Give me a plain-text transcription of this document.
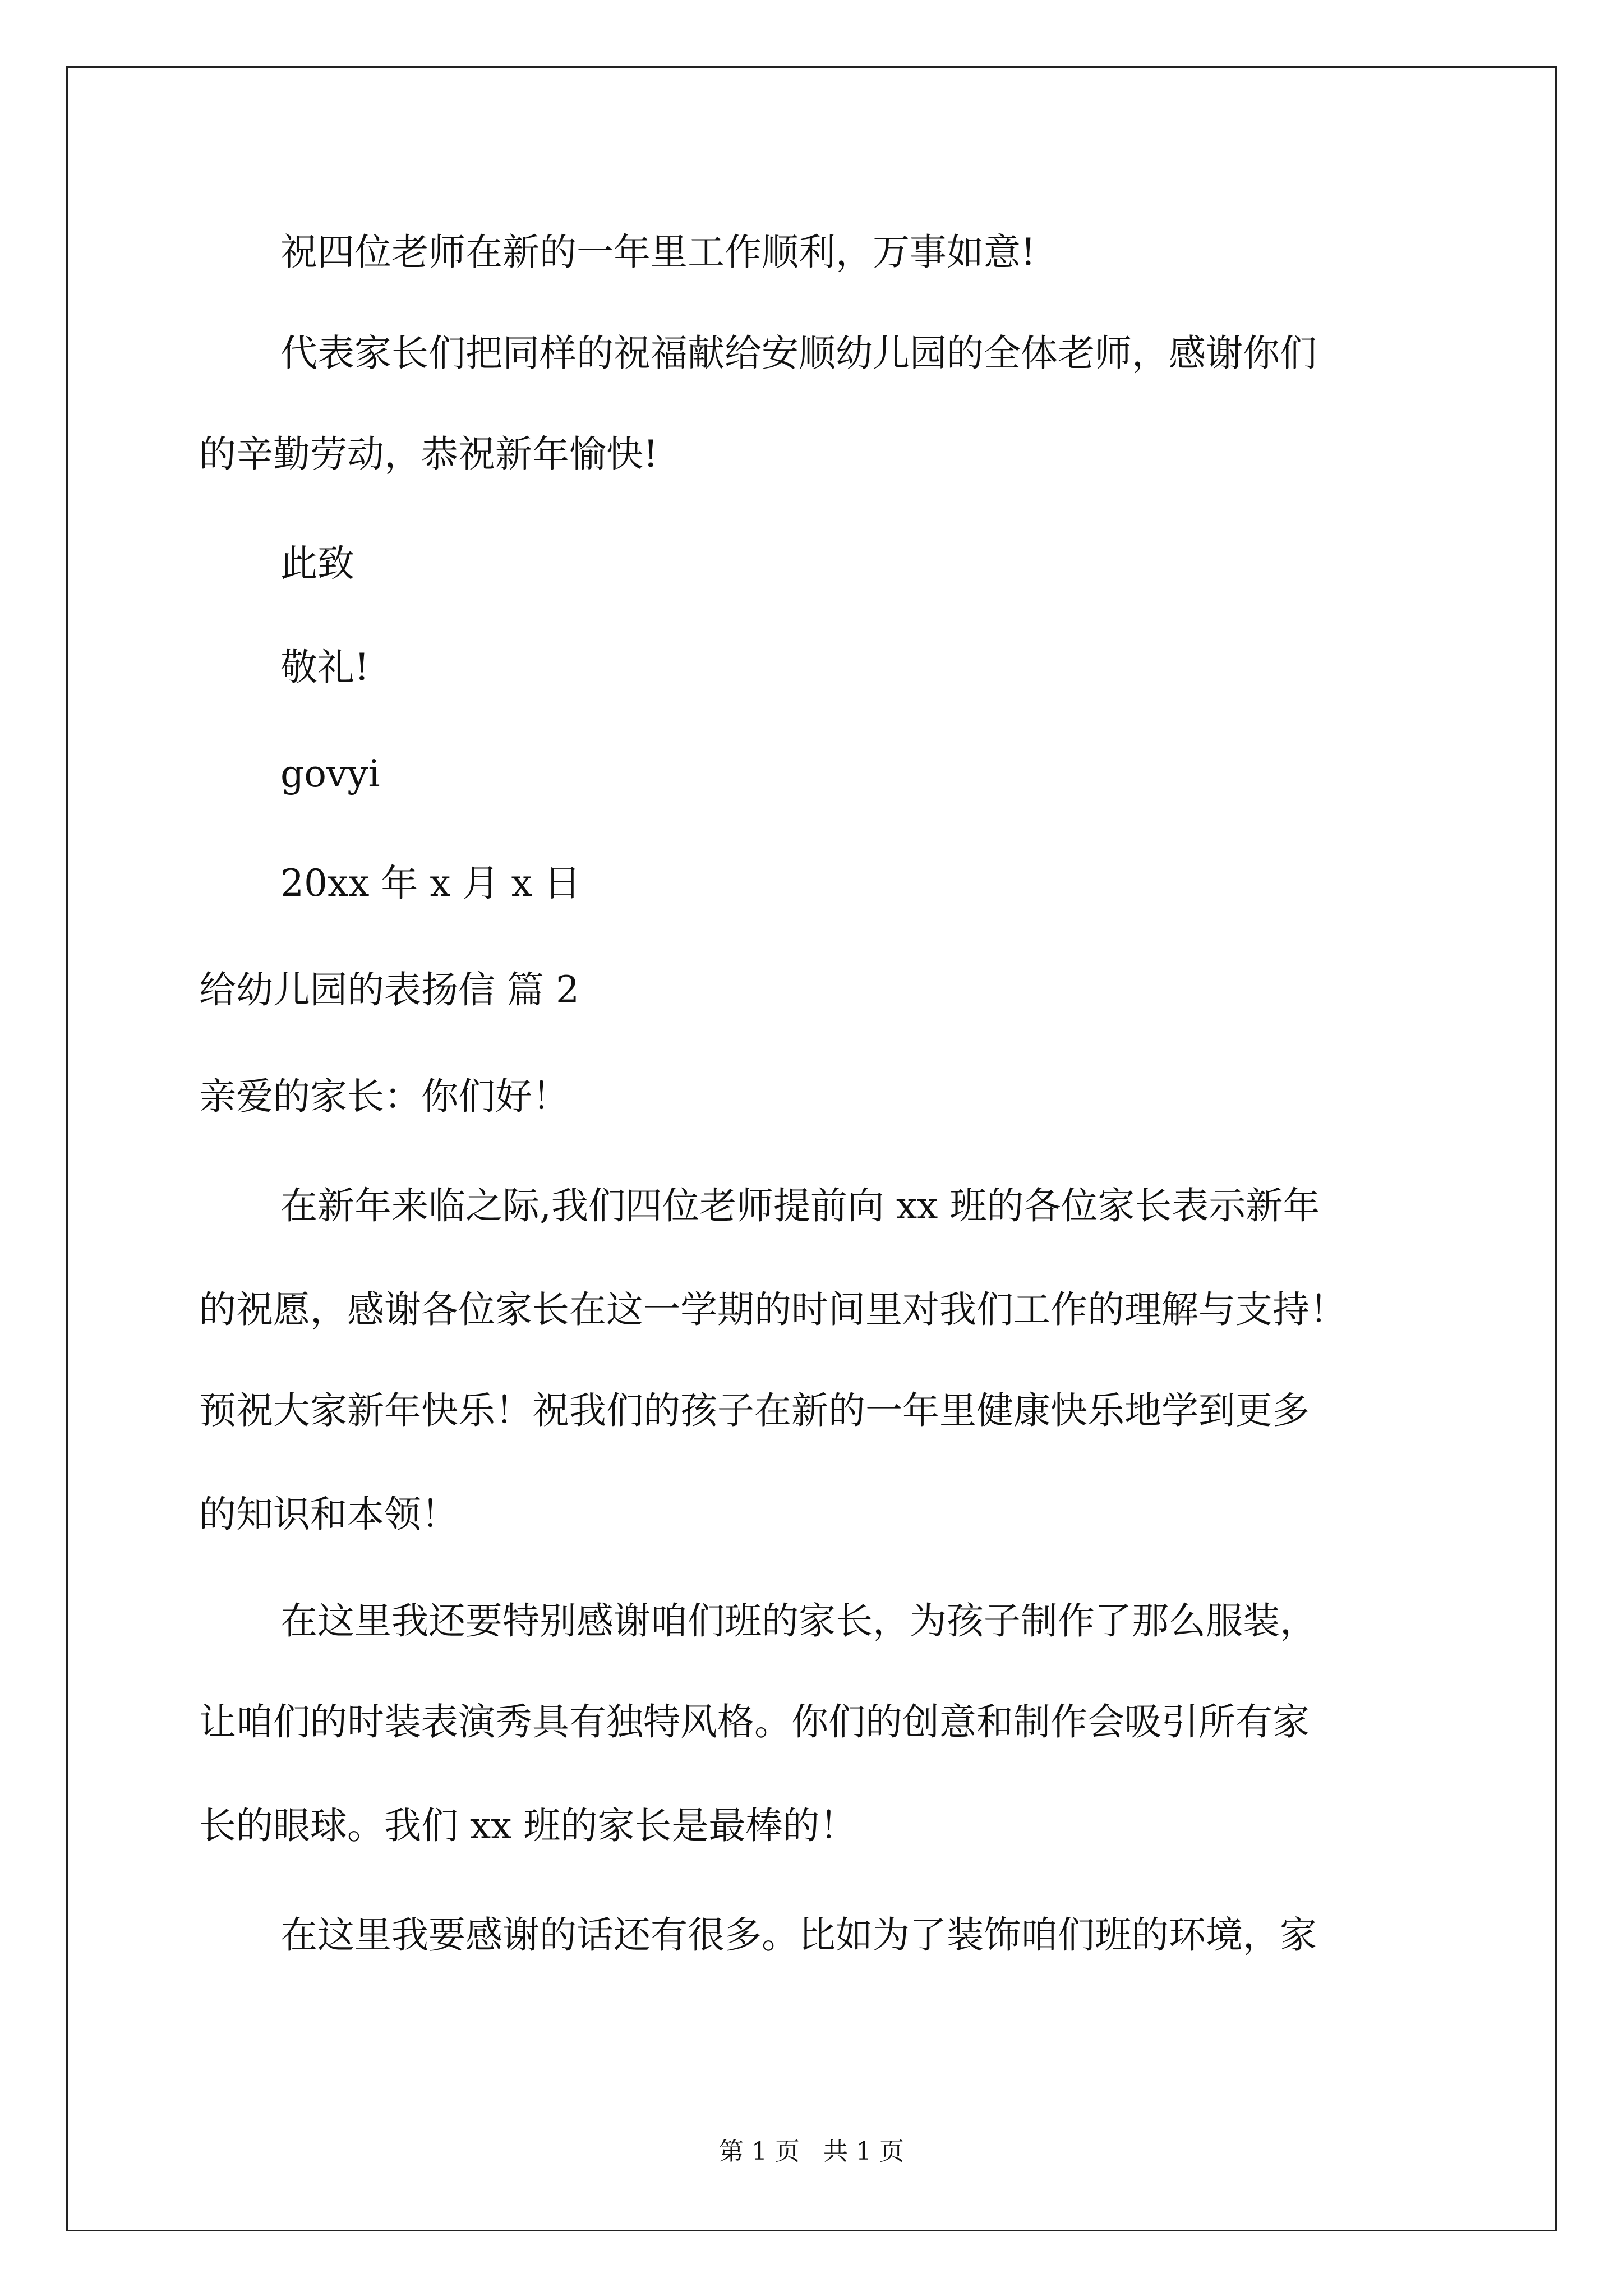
祝四位老师在新的一年里工作顺利，万事如意!

代表家长们把同样的祝福献给安顺幼儿园的全体老师，感谢你们

的辛勤劳动，恭祝新年愉快!

此致

敬礼!

govyi

20xx 年 x 月 x 日

给幼儿园的表扬信 篇 2

亲爱的家长：你们好！

在新年来临之际,我们四位老师提前向 xx 班的各位家长表示新年

的祝愿，感谢各位家长在这一学期的时间里对我们工作的理解与支持！

预祝大家新年快乐！祝我们的孩子在新的一年里健康快乐地学到更多

的知识和本领！

在这里我还要特别感谢咱们班的家长，为孩子制作了那么服装，

让咱们的时装表演秀具有独特风格。你们的创意和制作会吸引所有家

长的眼球。我们 xx 班的家长是最棒的！

在这里我要感谢的话还有很多。比如为了装饰咱们班的环境，家

第 1 页   共 1 页
